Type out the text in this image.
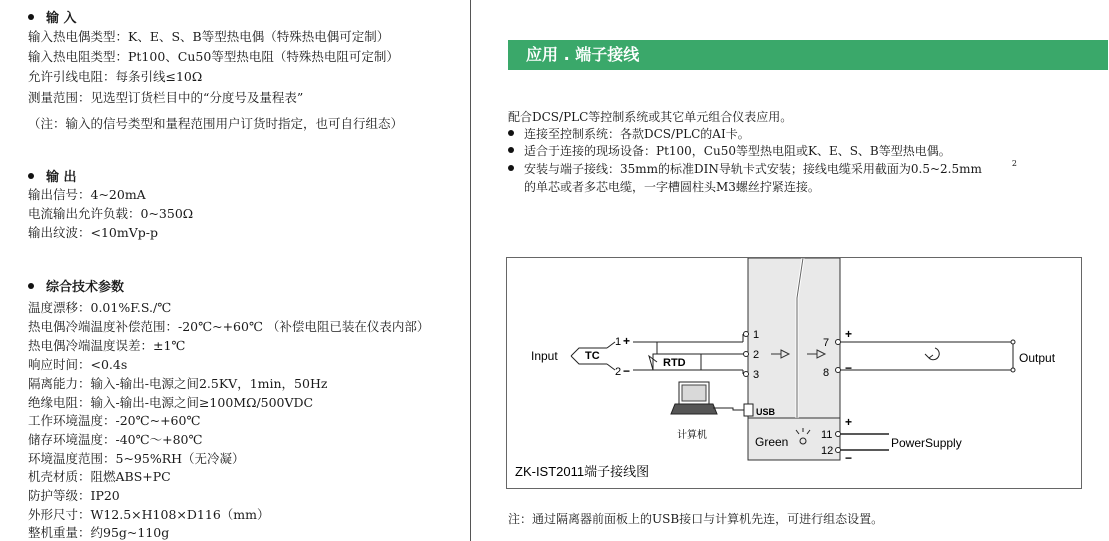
输 入
输入热电偶类型：K、E、S、B等型热电偶（特殊热电偶可定制）
输入热电阻类型：Pt100、Cu50等型热电阻（特殊热电阻可定制）
允许引线电阻：每条引线≤10Ω
测量范围：见选型订货栏目中的“分度号及量程表”
（注：输入的信号类型和量程范围用户订货时指定，也可自行组态）
输 出
输出信号：4~20mA
电流输出允许负载：0~350Ω
输出纹波：<10mVp-p
综合技术参数
温度漂移：0.01%F.S./℃
热电偶冷端温度补偿范围：-20℃~+60℃ （补偿电阻已装在仪表内部）
热电偶冷端温度误差：±1℃
响应时间：<0.4s
隔离能力：输入-输出-电源之间2.5KV，1min，50Hz
绝缘电阻：输入-输出-电源之间≥100MΩ/500VDC
工作环境温度：-20℃~+60℃
储存环境温度：-40℃～+80℃
环境温度范围：5~95%RH（无冷凝）
机壳材质：阻燃ABS+PC
防护等级：IP20
外形尺寸：W12.5×H108×D116（mm）
整机重量：约95g~110g
应用 . 端子接线
配合DCS/PLC等控制系统或其它单元组合仪表应用。
连接至控制系统：各款DCS/PLC的AI卡。
适合于连接的现场设备：Pt100，Cu50等型热电阻或K、E、S、B等型热电偶。
安装与端子接线：35mm的标准DIN导轨卡式安装；接线电缆采用截面为0.5~2.5mm	$^2$
的单芯或者多芯电缆，一字槽圆柱头M3螺丝拧紧连接。
Input TC
1 +
2 −
RTD
1
2
3
7
8
+
−
Output
USB
计算机	Green	11
12
+
−
PowerSupply
ZK-IST2011端子接线图
注：通过隔离器前面板上的USB接口与计算机先连，可进行组态设置。
